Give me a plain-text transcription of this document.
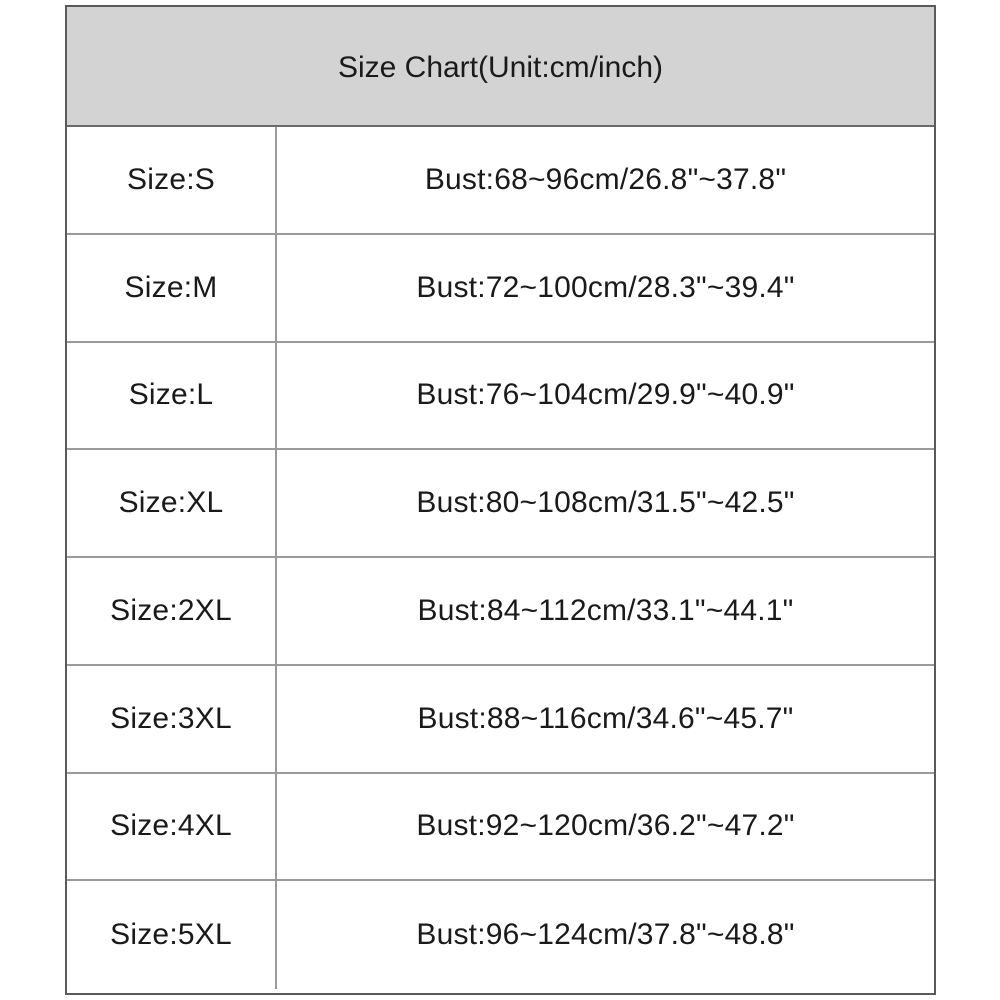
Size Chart(Unit:cm/inch)
Size:S	Bust:68~96cm/26.8"~37.8"
Size:M	Bust:72~100cm/28.3"~39.4"
Size:L	Bust:76~104cm/29.9"~40.9"
Size:XL	Bust:80~108cm/31.5"~42.5"
Size:2XL	Bust:84~112cm/33.1"~44.1"
Size:3XL	Bust:88~116cm/34.6"~45.7"
Size:4XL	Bust:92~120cm/36.2"~47.2"
Size:5XL	Bust:96~124cm/37.8"~48.8"
